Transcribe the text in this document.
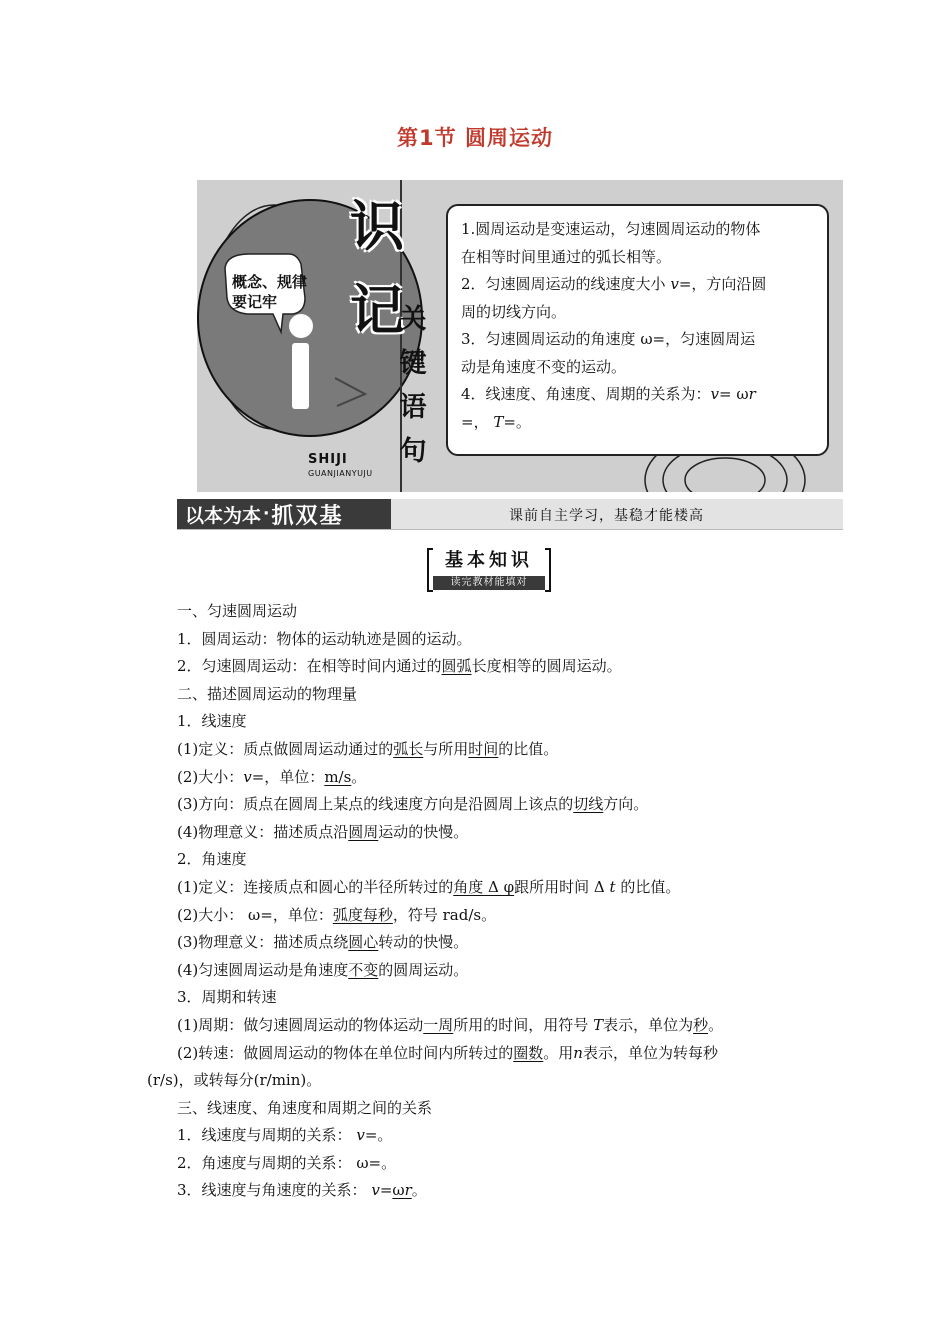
第1节 圆周运动
概念、规律
要记牢
SHIJI
GUANJIANYUJU
识
记
关
键
语
句

1.圆周运动是变速运动，匀速圆周运动的物体

在相等时间里通过的弧长相等。

2．匀速圆周运动的线速度大小 v=，方向沿圆

周的切线方向。

3．匀速圆周运动的角速度 ω=，匀速圆周运

动是角速度不变的运动。

4．线速度、角速度、周期的关系为：v= ωr

=， T=。

以本为本 · 抓双基	课前自主学习，基稳才能楼高
基本知识
读完教材能填对
一、匀速圆周运动
1．圆周运动：物体的运动轨迹是圆的运动。
2．匀速圆周运动：在相等时间内通过的圆弧长度相等的圆周运动。
二、描述圆周运动的物理量
1．线速度
(1)定义：质点做圆周运动通过的弧长与所用时间的比值。
(2)大小：v=，单位：m/s。
(3)方向：质点在圆周上某点的线速度方向是沿圆周上该点的切线方向。
(4)物理意义：描述质点沿圆周运动的快慢。
2．角速度
(1)定义：连接质点和圆心的半径所转过的角度 Δ φ跟所用时间 Δ t 的比值。
(2)大小： ω=，单位：弧度每秒，符号 rad/s。
(3)物理意义：描述质点绕圆心转动的快慢。
(4)匀速圆周运动是角速度不变的圆周运动。
3．周期和转速
(1)周期：做匀速圆周运动的物体运动一周所用的时间，用符号 T表示，单位为秒。
(2)转速：做圆周运动的物体在单位时间内所转过的圈数。用n表示，单位为转每秒
(r/s)，或转每分(r/min)。
三、线速度、角速度和周期之间的关系
1．线速度与周期的关系： v=。
2．角速度与周期的关系： ω=。
3．线速度与角速度的关系： v=ωr。
